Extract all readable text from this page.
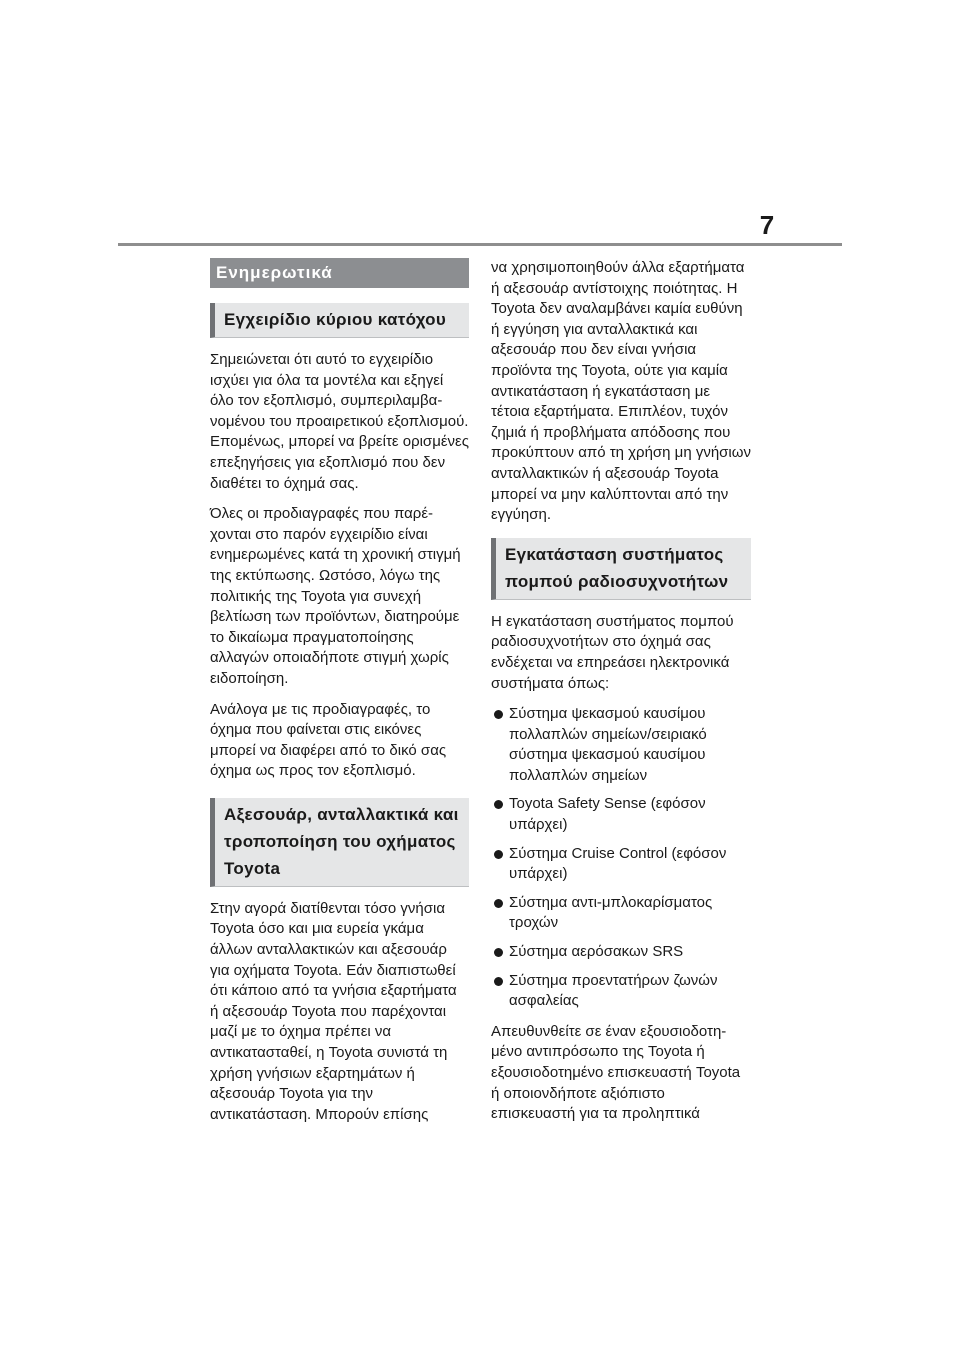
7
Ενημερωτικά
Εγχειρίδιο κύριου κατόχου

Σημειώνεται ότι αυτό το εγχειρίδιο ισχύει για όλα τα μοντέλα και εξηγεί όλο τον εξοπλισμό, συμπεριλαμβανομένου του προαιρετικού εξοπλισμού. Επομένως, μπορεί να βρείτε ορισμένες επεξηγήσεις για εξοπλισμό που δεν διαθέτει το όχημά σας.

Όλες οι προδιαγραφές που παρέχονται στο παρόν εγχειρίδιο είναι ενημερωμένες κατά τη χρονική στιγμή της εκτύπωσης. Ωστόσο, λόγω της πολιτικής της Toyota για συνεχή βελτίωση των προϊόντων, διατηρούμε το δικαίωμα πραγματοποίησης αλλαγών οποιαδήποτε στιγμή χωρίς ειδοποίηση.

Ανάλογα με τις προδιαγραφές, το όχημα που φαίνεται στις εικόνες μπορεί να διαφέρει από το δικό σας όχημα ως προς τον εξοπλισμό.

Αξεσουάρ, ανταλλακτικά και τροποποίηση του οχήματος Toyota

Στην αγορά διατίθενται τόσο γνήσια Toyota όσο και μια ευρεία γκάμα άλλων ανταλλακτικών και αξεσουάρ για οχήματα Toyota. Εάν διαπιστωθεί ότι κάποιο από τα γνήσια εξαρτήματα ή αξεσουάρ Toyota που παρέχονται μαζί με το όχημα πρέπει να αντικατασταθεί, η Toyota συνιστά τη χρήση γνήσιων εξαρτημάτων ή αξεσουάρ Toyota για την αντικατάσταση. Μπορούν επίσης

να χρησιμοποιηθούν άλλα εξαρτήματα ή αξεσουάρ αντίστοιχης ποιότητας. Η Toyota δεν αναλαμβάνει καμία ευθύνη ή εγγύηση για ανταλλακτικά και αξεσουάρ που δεν είναι γνήσια προϊόντα της Toyota, ούτε για καμία αντικατάσταση ή εγκατάσταση με τέτοια εξαρτήματα. Επιπλέον, τυχόν ζημιά ή προβλήματα απόδοσης που προκύπτουν από τη χρήση μη γνήσιων ανταλλακτικών ή αξεσουάρ Toyota μπορεί να μην καλύπτονται από την εγγύηση.

Εγκατάσταση συστήματος πομπού ραδιοσυχνοτήτων

Η εγκατάσταση συστήματος πομπού ραδιοσυχνοτήτων στο όχημά σας ενδέχεται να επηρεάσει ηλεκτρονικά συστήματα όπως:

Σύστημα ψεκασμού καυσίμου πολλαπλών σημείων/σειριακό σύστημα ψεκασμού καυσίμου πολλαπλών σημείων
Toyota Safety Sense (εφόσον υπάρχει)
Σύστημα Cruise Control (εφόσον υπάρχει)
Σύστημα αντι-μπλοκαρίσματος τροχών
Σύστημα αερόσακων SRS
Σύστημα προεντατήρων ζωνών ασφαλείας

Απευθυνθείτε σε έναν εξουσιοδοτημένο αντιπρόσωπο της Toyota ή εξουσιοδοτημένο επισκευαστή Toyota ή οποιονδήποτε αξιόπιστο επισκευαστή για τα προληπτικά
